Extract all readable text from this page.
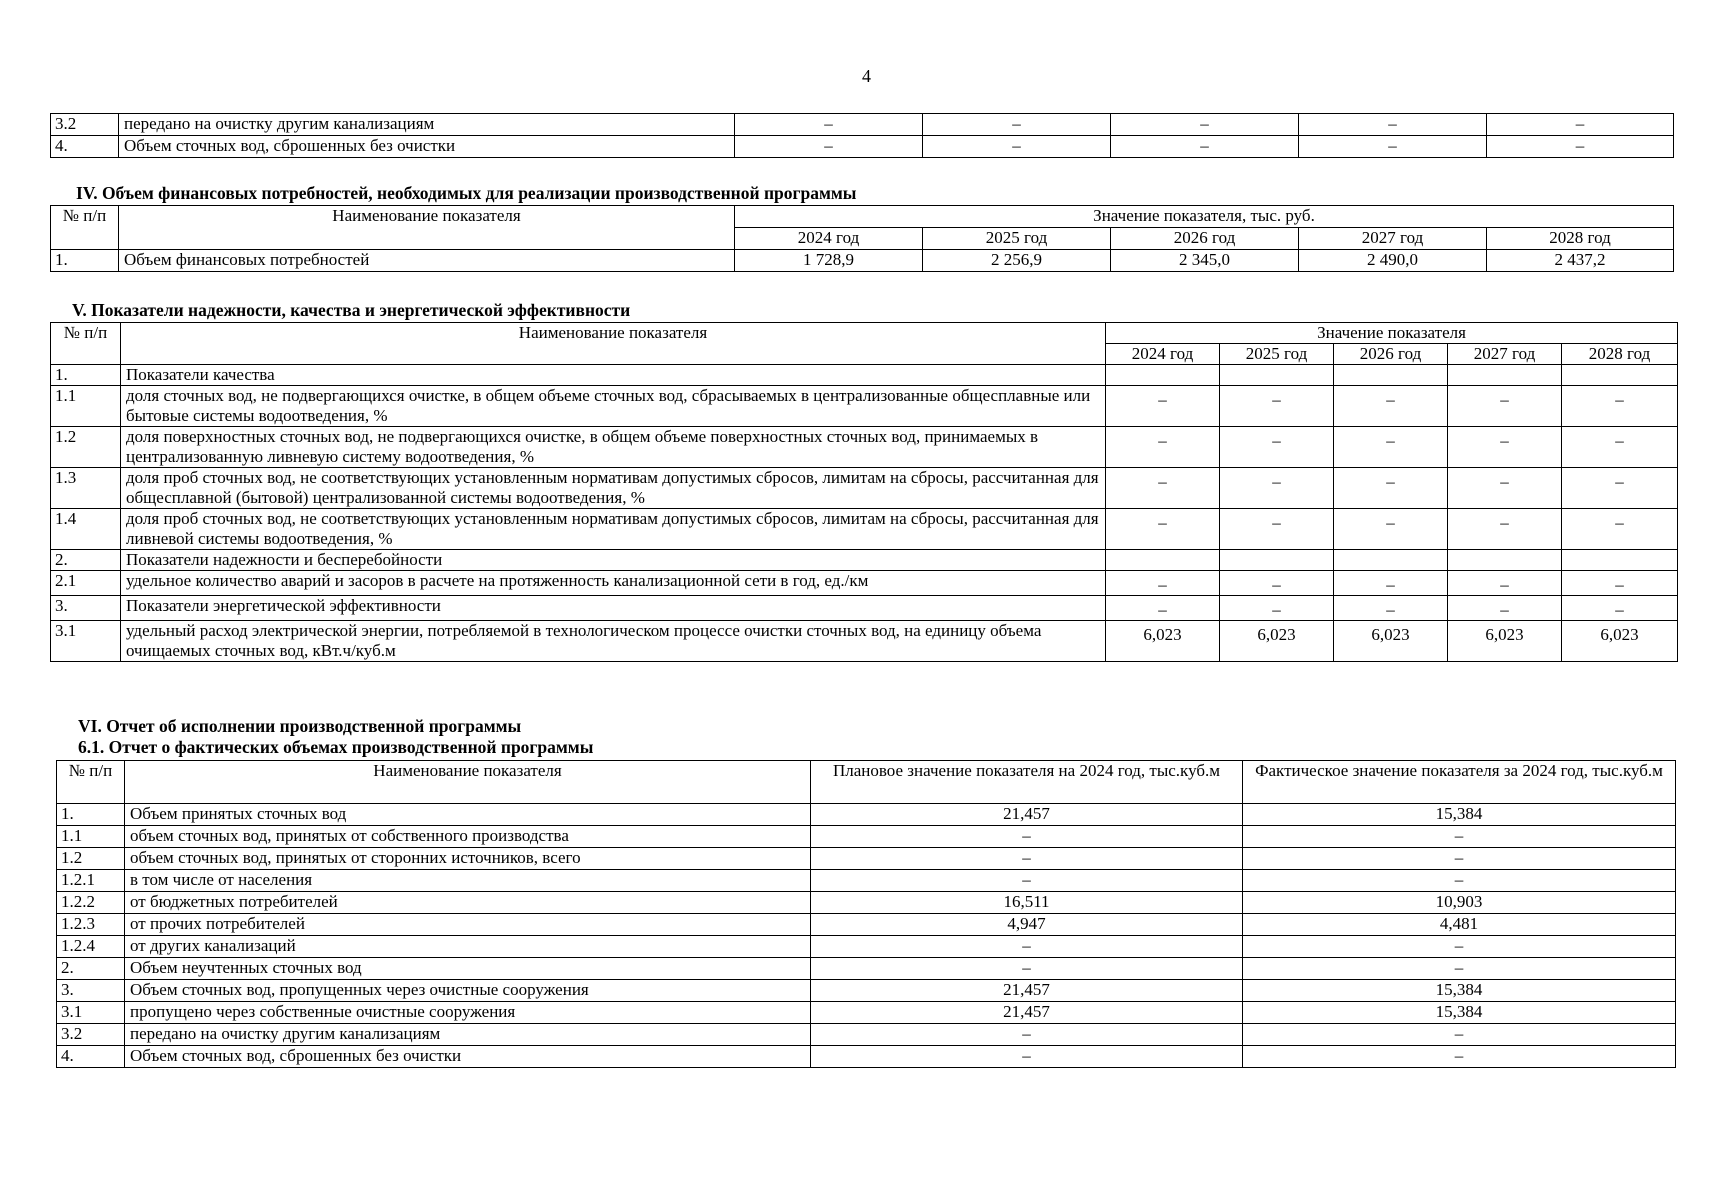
4
3.2	передано на очистку другим канализациям	–	–	–	–	–
4.	Объем сточных вод, сброшенных без очистки	–	–	–	–	–
IV. Объем финансовых потребностей, необходимых для реализации производственной программы
№ п/п	Наименование показателя	Значение показателя, тыс. руб.				
		2024 год	2025 год	2026 год	2027 год	2028 год
1.	Объем финансовых потребностей	1 728,9	2 256,9	2 345,0	2 490,0	2 437,2
V. Показатели надежности, качества и энергетической эффективности
№ п/п	Наименование показателя	Значение показателя				
		2024 год	2025 год	2026 год	2027 год	2028 год
1.	Показатели качества					
1.1	доля сточных вод, не подвергающихся очистке, в общем объеме сточных вод, сбрасываемых в централизованные общесплавные или бытовые системы водоотведения, %	–	–	–	–	–
1.2	доля поверхностных сточных вод, не подвергающихся очистке, в общем объеме поверхностных сточных вод, принимаемых в централизованную ливневую систему водоотведения, %	–	–	–	–	–
1.3	доля проб сточных вод, не соответствующих установленным нормативам допустимых сбросов, лимитам на сбросы, рассчитанная для общесплавной (бытовой) централизованной системы водоотведения, %	–	–	–	–	–
1.4	доля проб сточных вод, не соответствующих установленным нормативам допустимых сбросов, лимитам на сбросы, рассчитанная для ливневой системы водоотведения, %	–	–	–	–	–
2.	Показатели надежности и бесперебойности					
2.1	удельное количество аварий и засоров в расчете на протяженность канализационной сети в год, ед./км	–	–	–	–	–
3.	Показатели энергетической эффективности	–	–	–	–	–
3.1	удельный расход электрической энергии, потребляемой в технологическом процессе очистки сточных вод, на единицу объема очищаемых сточных вод, кВт.ч/куб.м	6,023	6,023	6,023	6,023	6,023
VI. Отчет об исполнении производственной программы
6.1. Отчет о фактических объемах производственной программы
№ п/п	Наименование показателя	Плановое значение показателя на 2024 год, тыс.куб.м	Фактическое значение показателя за 2024 год, тыс.куб.м
1.	Объем принятых сточных вод	21,457	15,384
1.1	объем сточных вод, принятых от собственного производства	–	–
1.2	объем сточных вод, принятых от сторонних источников, всего	–	–
1.2.1	в том числе от населения	–	–
1.2.2	от бюджетных потребителей	16,511	10,903
1.2.3	от прочих потребителей	4,947	4,481
1.2.4	от других канализаций	–	–
2.	Объем неучтенных сточных вод	–	–
3.	Объем сточных вод, пропущенных через очистные сооружения	21,457	15,384
3.1	пропущено через собственные очистные сооружения	21,457	15,384
3.2	передано на очистку другим канализациям	–	–
4.	Объем сточных вод, сброшенных без очистки	–	–
